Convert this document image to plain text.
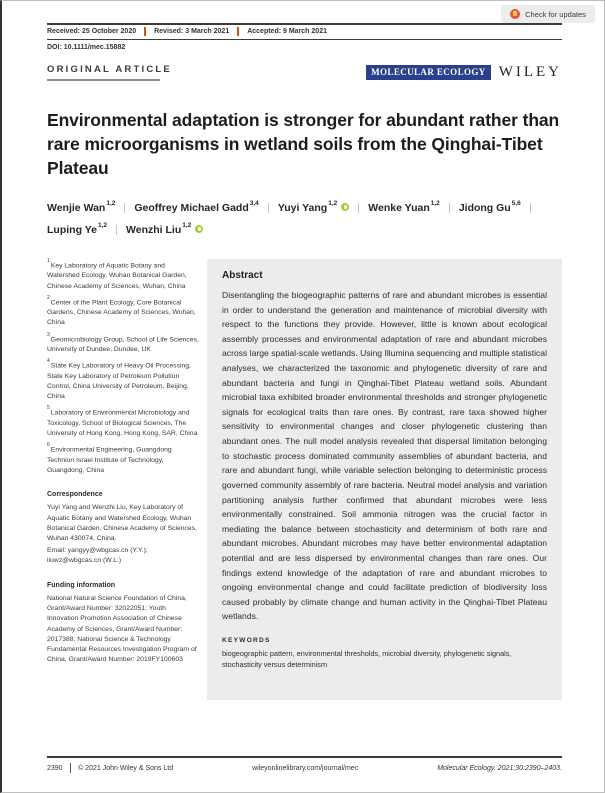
Check for updates
Received: 25 October 2020	Revised: 3 March 2021	Accepted: 9 March 2021
DOI: 10.1111/mec.15882
ORIGINAL ARTICLE	MOLECULAR ECOLOGY WILEY
Environmental adaptation is stronger for abundant rather than rare microorganisms in wetland soils from the Qinghai-Tibet Plateau
Wenjie Wan$^{1,2}$ Geoffrey Michael Gadd$^{3,4}$ Yuyi Yang$^{1,2}$	Wenke Yuan$^{1,2}$ Jidong Gu$^{5,6}$
Luping Ye$^{1,2}$ Wenzhi Liu$^{1,2}$

$^1$Key Laboratory of Aquatic Botany and Watershed Ecology, Wuhan Botanical Garden, Chinese Academy of Sciences, Wuhan, China

$^2$Center of the Plant Ecology, Core Botanical Gardens, Chinese Academy of Sciences, Wuhan, China

$^3$Geomicrobiology Group, School of Life Sciences, University of Dundee, Dundee, UK

$^4$State Key Laboratory of Heavy Oil Processing, State Key Laboratory of Petroleum Pollution Control, China University of Petroleum, Beijing, China

$^5$Laboratory of Environmental Microbiology and Toxicology, School of Biological Sciences, The University of Hong Kong, Hong Kong, SAR, China

$^6$Environmental Engineering, Guangdong Technion Israel Institute of Technology, Guangdong, China

Correspondence

Yuyi Yang and Wenzhi Liu, Key Laboratory of Aquatic Botany and Watershed Ecology, Wuhan Botanical Garden, Chinese Academy of Sciences, Wuhan 430074, China.

Email: yangyy@wbgcas.cn (Y.Y.); liuwz@wbgcas.cn (W.L.)

Funding information

National Natural Science Foundation of China, Grant/Award Number: 32022051; Youth Innovation Promotion Association of Chinese Academy of Sciences, Grant/Award Number: 2017388; National Science & Technology Fundamental Resources Investigation Program of China, Grant/Award Number: 2019FY100603

Abstract

Disentangling the biogeographic patterns of rare and abundant microbes is essential in order to understand the generation and maintenance of microbial diversity with respect to the functions they provide. However, little is known about ecological assembly processes and environmental adaptation of rare and abundant microbes across large spatial-scale wetlands. Using Illumina sequencing and multiple statistical analyses, we characterized the taxonomic and phylogenetic diversity of rare and abundant bacteria and fungi in Qinghai-Tibet Plateau wetland soils. Abundant microbial taxa exhibited broader environmental thresholds and stronger phylogenetic signals for ecological traits than rare ones. By contrast, rare taxa showed higher sensitivity to environmental changes and closer phylogenetic clustering than abundant ones. The null model analysis revealed that dispersal limitation belonging to stochastic process dominated community assemblies of abundant bacteria, and rare and abundant fungi, while variable selection belonging to deterministic process governed community assembly of rare bacteria. Neutral model analysis and variation partitioning analysis further confirmed that abundant microbes were less environmentally constrained. Soil ammonia nitrogen was the crucial factor in mediating the balance between stochasticity and determinism of both rare and abundant microbes. Abundant microbes may have better environmental adaptation potential and are less dispersed by environmental changes than rare ones. Our findings extend knowledge of the adaptation of rare and abundant microbes to ongoing environmental change and could facilitate prediction of biodiversity loss caused probably by climate change and human activity in the Qinghai-Tibet Plateau wetlands.

KEYWORDS

biogeographic pattern, environmental thresholds, microbial diversity, phylogenetic signals, stochasticity versus determinism

2390 © 2021 John Wiley & Sons Ltd	wileyonlinelibrary.com/journal/mec	Molecular Ecology. 2021;30:2390–2403.
